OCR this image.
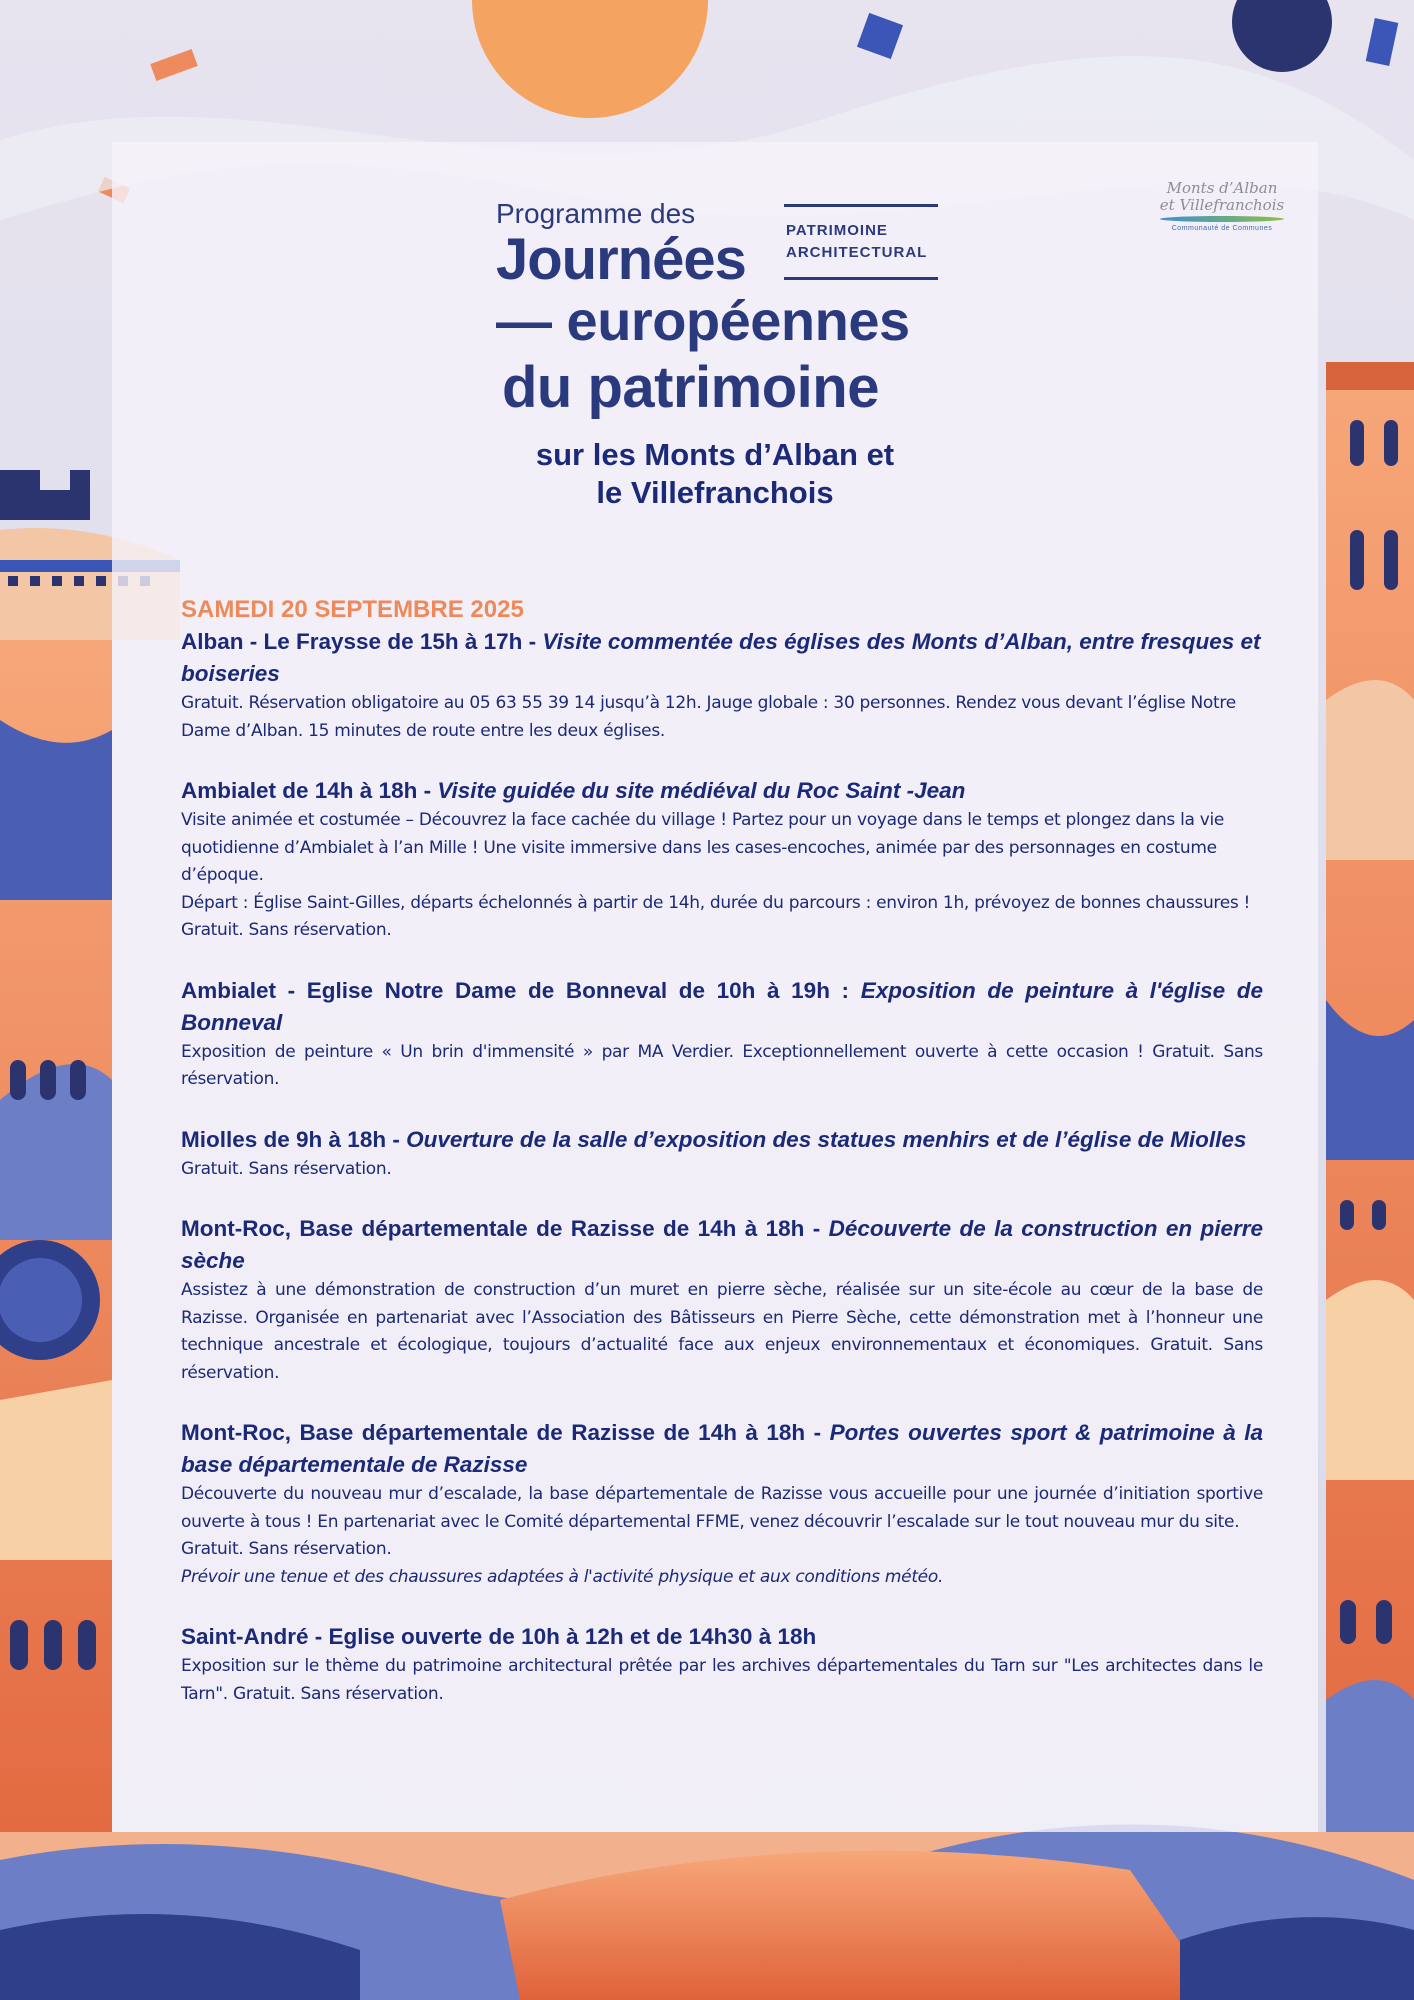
Programme des
Journées
— européennes
du patrimoine
PATRIMOINE
ARCHITECTURAL
sur les Monts d’Alban et
le Villefranchois
Monts d’Alban
et Villefranchois
Communauté de Communes
SAMEDI 20 SEPTEMBRE 2025
Alban - Le Fraysse de 15h à 17h - Visite commentée des églises des Monts d’Alban, entre fresques et boiseries
Gratuit. Réservation obligatoire au 05 63 55 39 14 jusqu’à 12h. Jauge globale : 30 personnes. Rendez vous devant l’église Notre Dame d’Alban. 15 minutes de route entre les deux églises.
Ambialet de 14h à 18h - Visite guidée du site médiéval du Roc Saint -Jean
Visite animée et costumée – Découvrez la face cachée du village ! Partez pour un voyage dans le temps et plongez dans la vie quotidienne d’Ambialet à l’an Mille ! Une visite immersive dans les cases-encoches, animée par des personnages en costume d’époque.
Départ : Église Saint-Gilles, départs échelonnés à partir de 14h, durée du parcours : environ 1h, prévoyez de bonnes chaussures ! Gratuit. Sans réservation.
Ambialet - Eglise Notre Dame de Bonneval de 10h à 19h : Exposition de peinture à l'église de Bonneval
Exposition de peinture « Un brin d'immensité » par MA Verdier. Exceptionnellement ouverte à cette occasion ! Gratuit. Sans réservation.
Miolles de 9h à 18h - Ouverture de la salle d’exposition des statues menhirs et de l’église de Miolles
Gratuit. Sans réservation.
Mont-Roc, Base départementale de Razisse de 14h à 18h - Découverte de la construction en pierre sèche
Assistez à une démonstration de construction d’un muret en pierre sèche, réalisée sur un site-école au cœur de la base de Razisse. Organisée en partenariat avec l’Association des Bâtisseurs en Pierre Sèche, cette démonstration met à l’honneur une technique ancestrale et écologique, toujours d’actualité face aux enjeux environnementaux et économiques. Gratuit. Sans réservation.
Mont-Roc, Base départementale de Razisse de 14h à 18h - Portes ouvertes sport & patrimoine à la base départementale de Razisse
Découverte du nouveau mur d’escalade, la base départementale de Razisse vous accueille pour une journée d’initiation sportive ouverte à tous ! En partenariat avec le Comité départemental FFME, venez découvrir l’escalade sur le tout nouveau mur du site.
Gratuit. Sans réservation.
Prévoir une tenue et des chaussures adaptées à l'activité physique et aux conditions météo.
Saint-André - Eglise ouverte de 10h à 12h et de 14h30 à 18h
Exposition sur le thème du patrimoine architectural prêtée par les archives départementales du Tarn sur "Les architectes dans le Tarn". Gratuit. Sans réservation.
